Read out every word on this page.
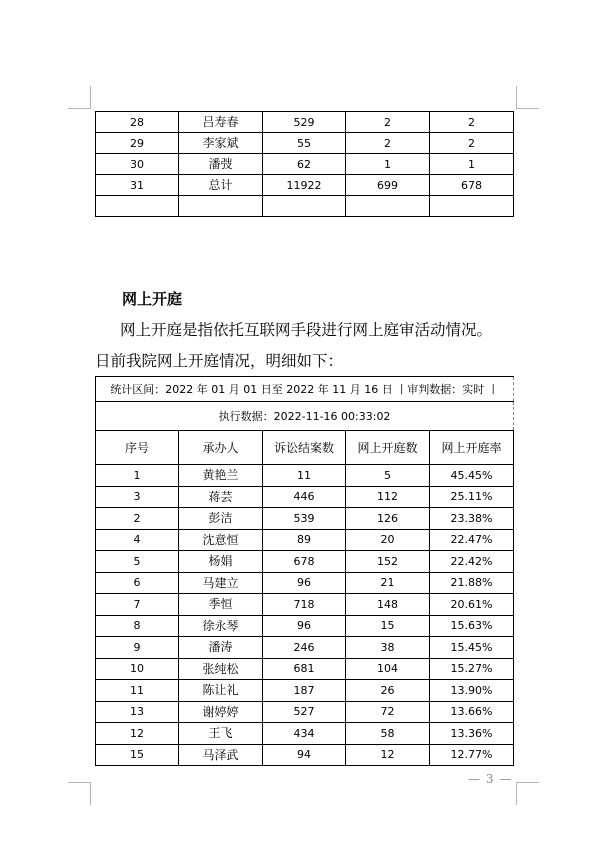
28	吕寿春	529	2	2
29	李家斌	55	2	2
30	潘弢	62	1	1
31	总计	11922	699	678

网上开庭
网上开庭是指依托互联网手段进行网上庭审活动情况。
日前我院网上开庭情况，明细如下：
统计区间：2022 年 01 月 01 日至 2022 年 11 月 16 日 丨审判数据：实时 丨				
执行数据：2022-11-16 00:33:02				
序号	承办人	诉讼结案数	网上开庭数	网上开庭率
1	黄艳兰	11	5	45.45%
3	蒋芸	446	112	25.11%
2	彭洁	539	126	23.38%
4	沈意恒	89	20	22.47%
5	杨娟	678	152	22.42%
6	马建立	96	21	21.88%
7	季恒	718	148	20.61%
8	徐永琴	96	15	15.63%
9	潘涛	246	38	15.45%
10	张纯松	681	104	15.27%
11	陈让礼	187	26	13.90%
13	谢婷婷	527	72	13.66%
12	王飞	434	58	13.36%
15	马泽武	94	12	12.77%
— 3 —
